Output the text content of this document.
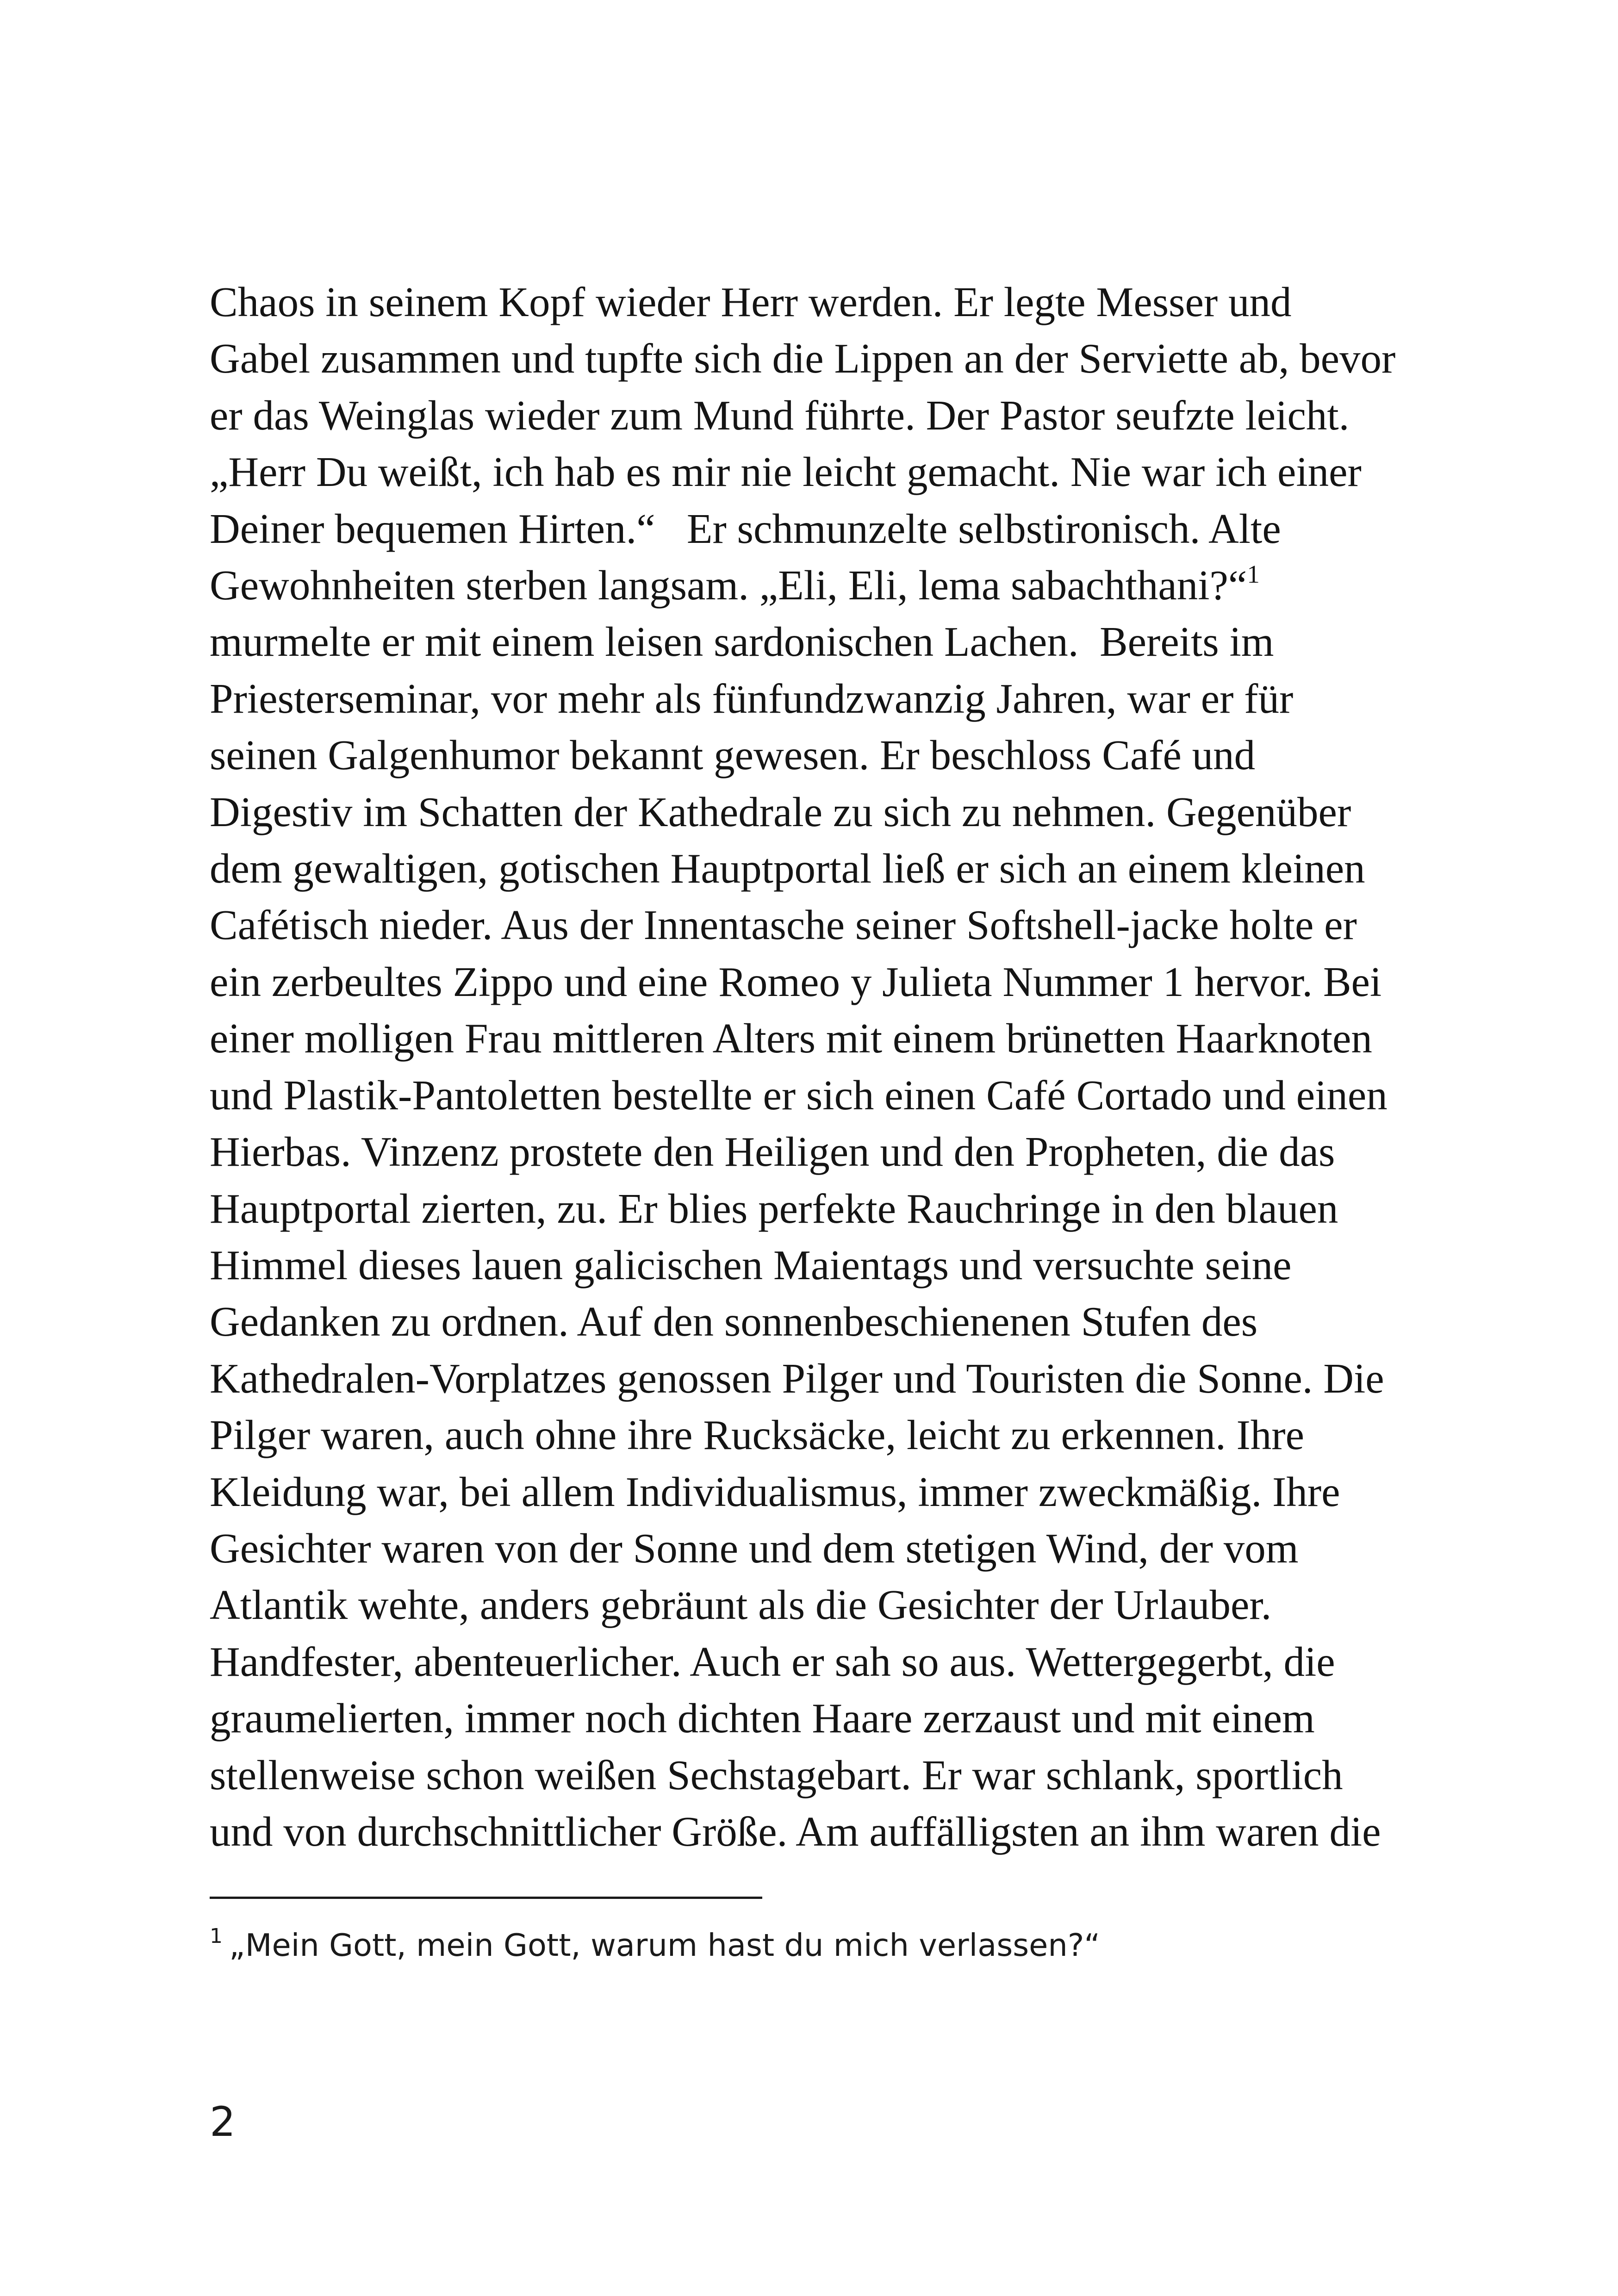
Chaos in seinem Kopf wieder Herr werden. Er legte Messer und
Gabel zusammen und tupfte sich die Lippen an der Serviette ab, bevor
er das Weinglas wieder zum Mund führte. Der Pastor seufzte leicht.
„Herr Du weißt, ich hab es mir nie leicht gemacht. Nie war ich einer
Deiner bequemen Hirten.“   Er schmunzelte selbstironisch. Alte
Gewohnheiten sterben langsam. „Eli, Eli, lema sabachthani?“$^1$
murmelte er mit einem leisen sardonischen Lachen.  Bereits im
Priesterseminar, vor mehr als fünfundzwanzig Jahren, war er für
seinen Galgenhumor bekannt gewesen. Er beschloss Café und
Digestiv im Schatten der Kathedrale zu sich zu nehmen. Gegenüber
dem gewaltigen, gotischen Hauptportal ließ er sich an einem kleinen
Cafétisch nieder. Aus der Innentasche seiner Softshell-jacke holte er
ein zerbeultes Zippo und eine Romeo y Julieta Nummer 1 hervor. Bei
einer molligen Frau mittleren Alters mit einem brünetten Haarknoten
und Plastik-Pantoletten bestellte er sich einen Café Cortado und einen
Hierbas. Vinzenz prostete den Heiligen und den Propheten, die das
Hauptportal zierten, zu. Er blies perfekte Rauchringe in den blauen
Himmel dieses lauen galicischen Maientags und versuchte seine
Gedanken zu ordnen. Auf den sonnenbeschienenen Stufen des
Kathedralen-Vorplatzes genossen Pilger und Touristen die Sonne. Die
Pilger waren, auch ohne ihre Rucksäcke, leicht zu erkennen. Ihre
Kleidung war, bei allem Individualismus, immer zweckmäßig. Ihre
Gesichter waren von der Sonne und dem stetigen Wind, der vom
Atlantik wehte, anders gebräunt als die Gesichter der Urlauber.
Handfester, abenteuerlicher. Auch er sah so aus. Wettergegerbt, die
graumelierten, immer noch dichten Haare zerzaust und mit einem
stellenweise schon weißen Sechstagebart. Er war schlank, sportlich
und von durchschnittlicher Größe. Am auffälligsten an ihm waren die
$^1$ „Mein Gott, mein Gott, warum hast du mich verlassen?“
2
